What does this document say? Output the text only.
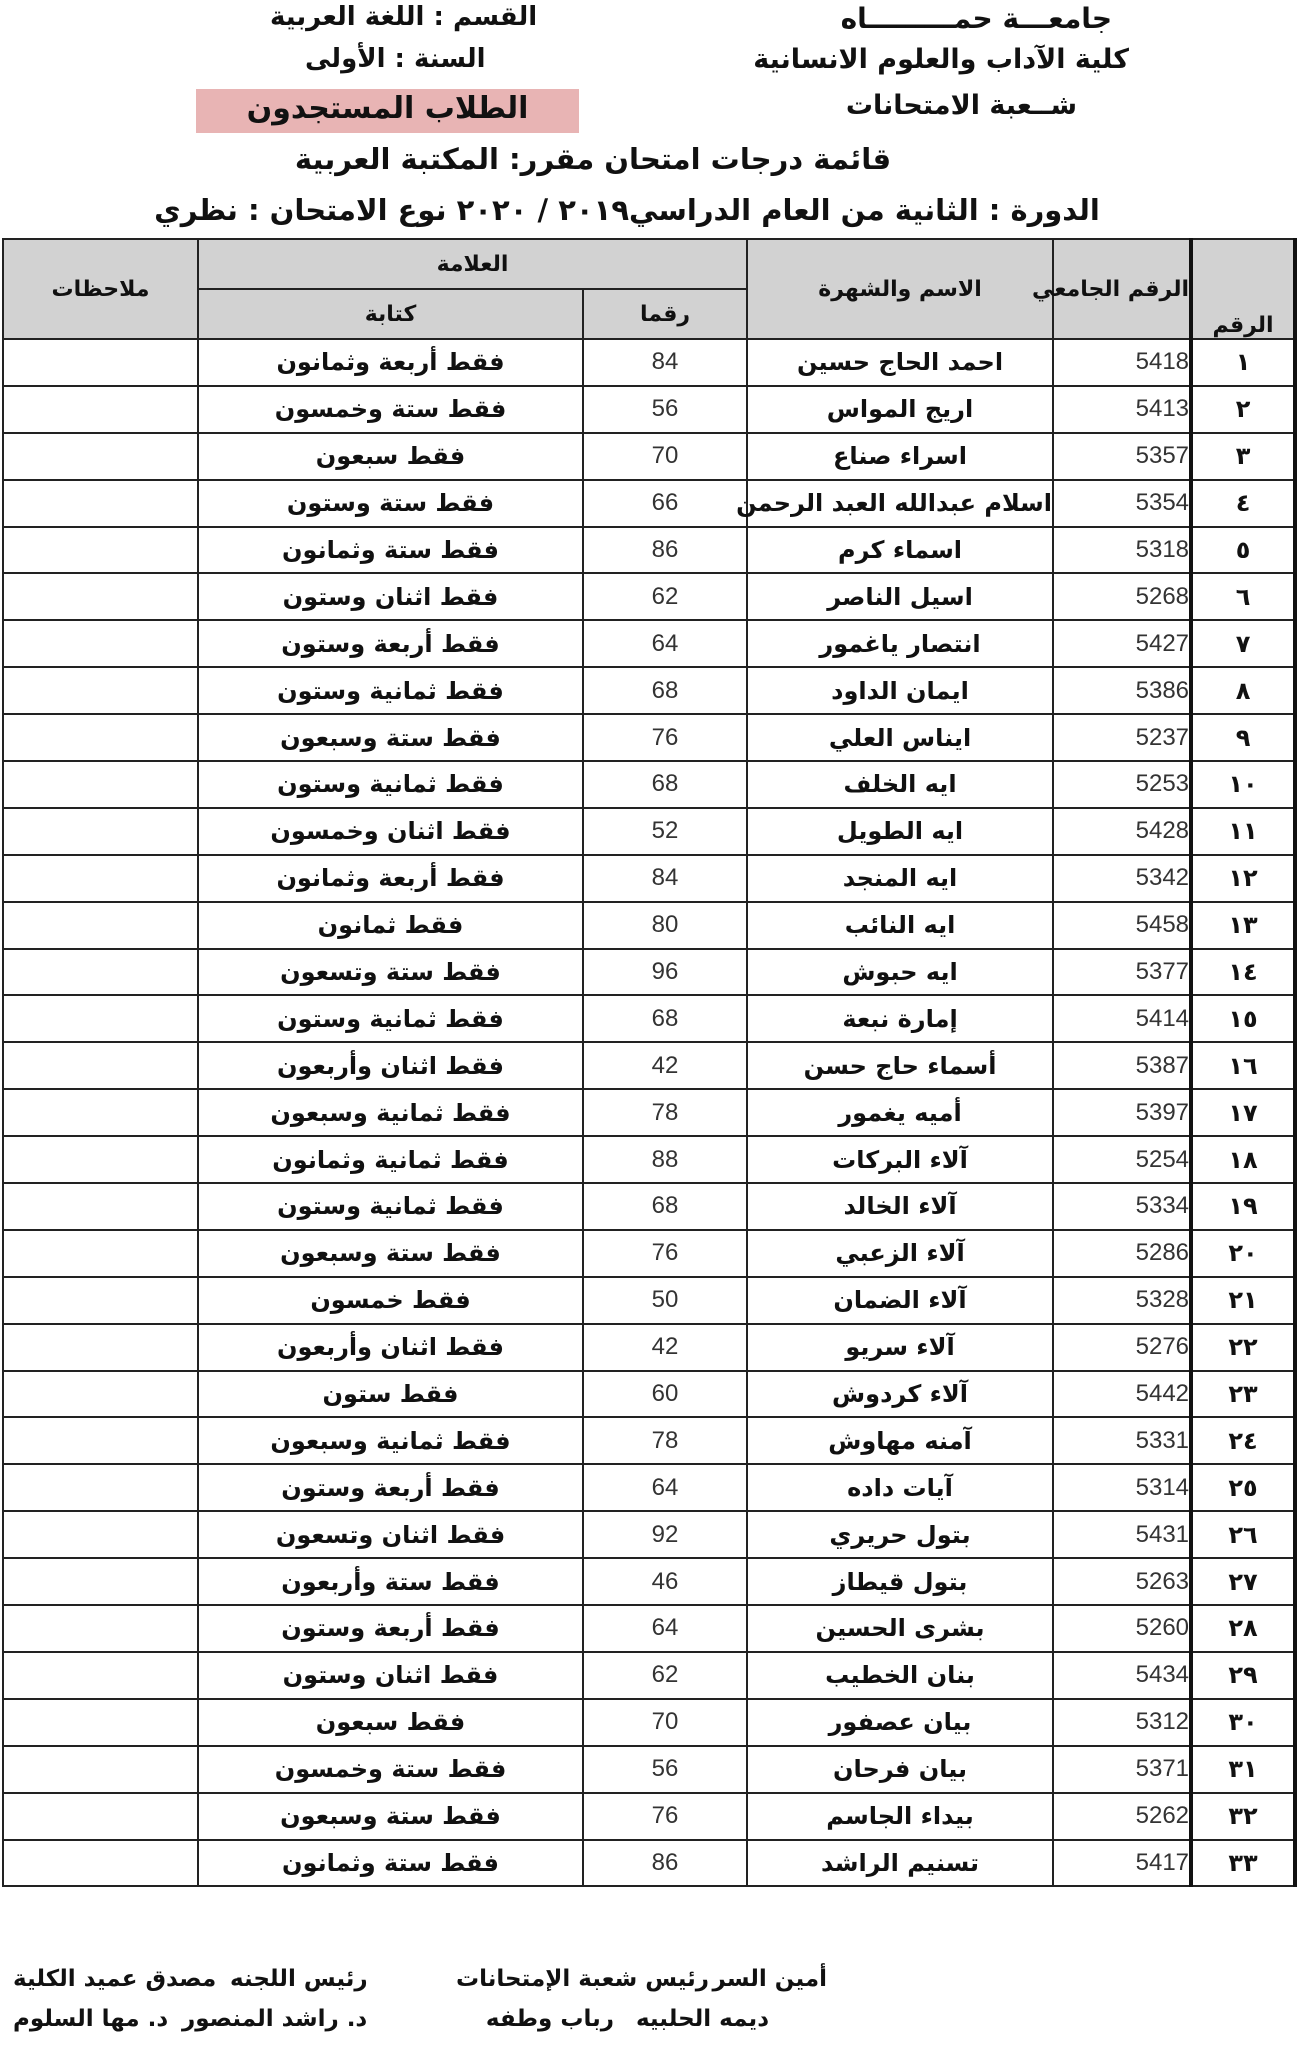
جامعـــة حمـــــــــاه
كلية الآداب والعلوم الانسانية
شــعبة الامتحانات
القسم : اللغة العربية
السنة : الأولى
الطلاب المستجدون
قائمة درجات امتحان مقرر: المكتبة العربية
الدورة : الثانية من العام الدراسي٢٠١٩ / ٢٠٢٠ نوع الامتحان : نظري
الرقم	الرقم الجامعي	الاسم والشهرة	العلامة		ملاحظات
			رقما	كتابة	
١	5418	احمد الحاج حسين	84	فقط أربعة وثمانون	
٢	5413	اريج المواس	56	فقط ستة وخمسون	
٣	5357	اسراء صناع	70	فقط سبعون	
٤	5354	اسلام عبدالله العبد الرحمن	66	فقط ستة وستون	
٥	5318	اسماء كرم	86	فقط ستة وثمانون	
٦	5268	اسيل الناصر	62	فقط اثنان وستون	
٧	5427	انتصار ياغمور	64	فقط أربعة وستون	
٨	5386	ايمان الداود	68	فقط ثمانية وستون	
٩	5237	ايناس العلي	76	فقط ستة وسبعون	
١٠	5253	ايه الخلف	68	فقط ثمانية وستون	
١١	5428	ايه الطويل	52	فقط اثنان وخمسون	
١٢	5342	ايه المنجد	84	فقط أربعة وثمانون	
١٣	5458	ايه النائب	80	فقط ثمانون	
١٤	5377	ايه حبوش	96	فقط ستة وتسعون	
١٥	5414	إمارة نبعة	68	فقط ثمانية وستون	
١٦	5387	أسماء حاج حسن	42	فقط اثنان وأربعون	
١٧	5397	أميه يغمور	78	فقط ثمانية وسبعون	
١٨	5254	آلاء البركات	88	فقط ثمانية وثمانون	
١٩	5334	آلاء الخالد	68	فقط ثمانية وستون	
٢٠	5286	آلاء الزعبي	76	فقط ستة وسبعون	
٢١	5328	آلاء الضمان	50	فقط خمسون	
٢٢	5276	آلاء سريو	42	فقط اثنان وأربعون	
٢٣	5442	آلاء كردوش	60	فقط ستون	
٢٤	5331	آمنه مهاوش	78	فقط ثمانية وسبعون	
٢٥	5314	آيات داده	64	فقط أربعة وستون	
٢٦	5431	بتول حريري	92	فقط اثنان وتسعون	
٢٧	5263	بتول قيطاز	46	فقط ستة وأربعون	
٢٨	5260	بشرى الحسين	64	فقط أربعة وستون	
٢٩	5434	بنان الخطيب	62	فقط اثنان وستون	
٣٠	5312	بيان عصفور	70	فقط سبعون	
٣١	5371	بيان فرحان	56	فقط ستة وخمسون	
٣٢	5262	بيداء الجاسم	76	فقط ستة وسبعون	
٣٣	5417	تسنيم الراشد	86	فقط ستة وثمانون	
أمين السر
رئيس شعبة الإمتحانات
رئيس اللجنه
مصدق عميد الكلية
ديمه الحلبيه
رباب وطفه
د. راشد المنصور
د. مها السلوم
